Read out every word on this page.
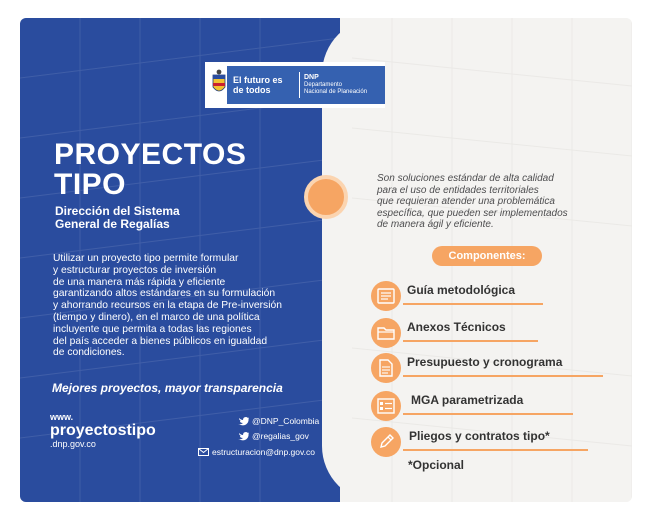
El futuro es de todos
DNP
Departamento
Nacional de Planeación
PROYECTOS
TIPO
Dirección del Sistema
General de Regalías
Utilizar un proyecto tipo permite formular
y estructurar proyectos de inversión
de una manera más rápida y eficiente
garantizando altos estándares en su formulación
y ahorrando recursos en la etapa de Pre-inversión
(tiempo y dinero), en el marco de una política
incluyente que permita a todas las regiones
del país acceder a bienes públicos en igualdad
de condiciones.
Mejores proyectos, mayor transparencia
www.
proyectostipo
.dnp.gov.co
@DNP_Colombia
@regalias_gov
estructuracion@dnp.gov.co
Son soluciones estándar de alta calidad
para el uso de entidades territoriales
que requieran atender una problemática
específica, que pueden ser implementados
de manera ágil y eficiente.
Componentes:
Guía metodológica
Anexos Técnicos
Presupuesto y cronograma
MGA parametrizada
Pliegos y contratos tipo*
*Opcional
